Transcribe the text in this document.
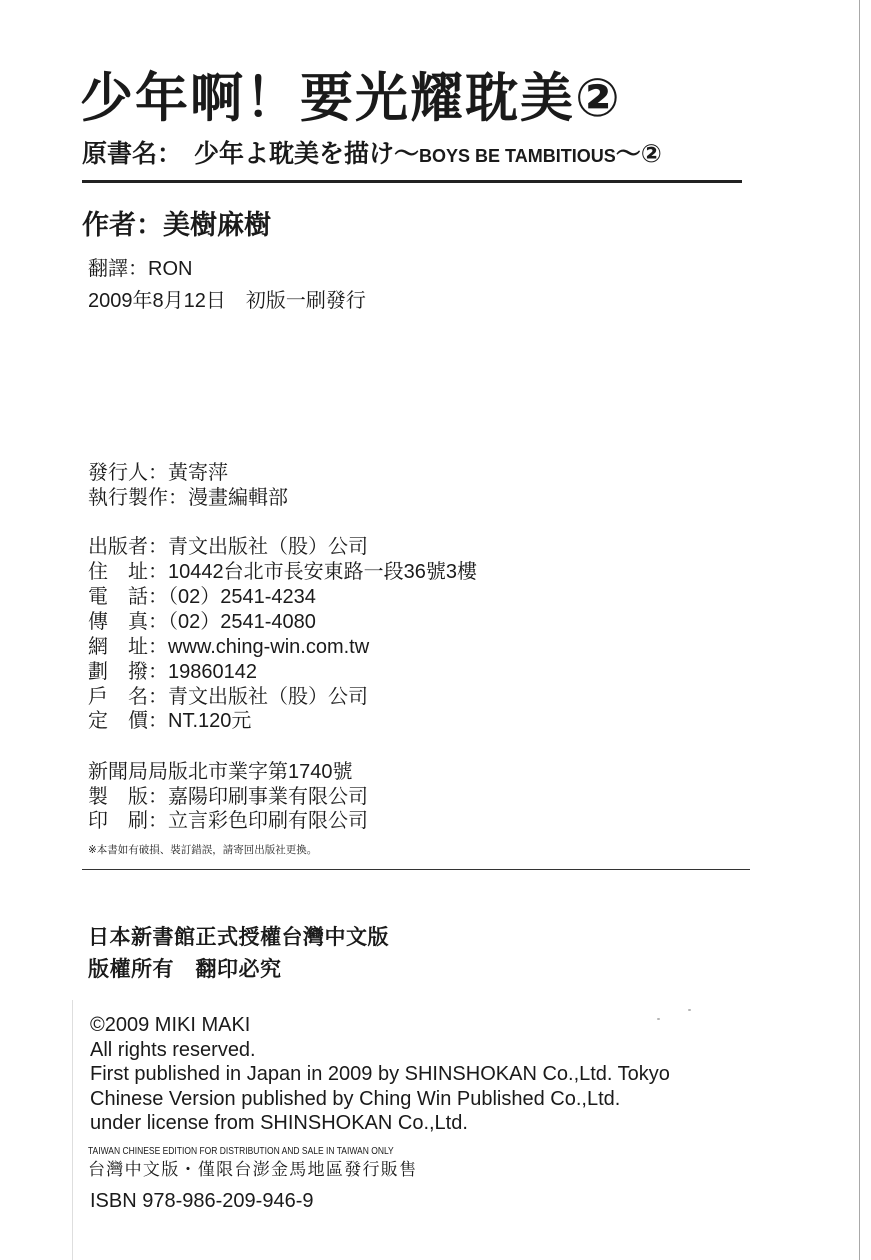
少年啊！要光耀耽美②
原書名： 少年よ耽美を描け～BOYS BE TAMBITIOUS～②
作者：美樹麻樹
翻譯：RON
2009年8月12日　初版一刷發行
發行人：黃寄萍
執行製作：漫畫編輯部
出版者：青文出版社（股）公司
住　址：10442台北市長安東路一段36號3樓
電　話：（02）2541-4234
傳　真：（02）2541-4080
網　址：www.ching-win.com.tw
劃　撥：19860142
戶　名：青文出版社（股）公司
定　價：NT.120元
新聞局局版北市業字第1740號
製　版：嘉陽印刷事業有限公司
印　刷：立言彩色印刷有限公司
※本書如有破損、裝訂錯誤，請寄回出版社更換。
日本新書館正式授權台灣中文版
版權所有　翻印必究
©2009 MIKI MAKI
All rights reserved.
First published in Japan in 2009 by SHINSHOKAN Co.,Ltd. Tokyo
Chinese Version published by Ching Win Published Co.,Ltd.
under license from SHINSHOKAN Co.,Ltd.
TAIWAN CHINESE EDITION FOR DISTRIBUTION AND SALE IN TAIWAN ONLY
台灣中文版・僅限台澎金馬地區發行販售
ISBN 978-986-209-946-9
